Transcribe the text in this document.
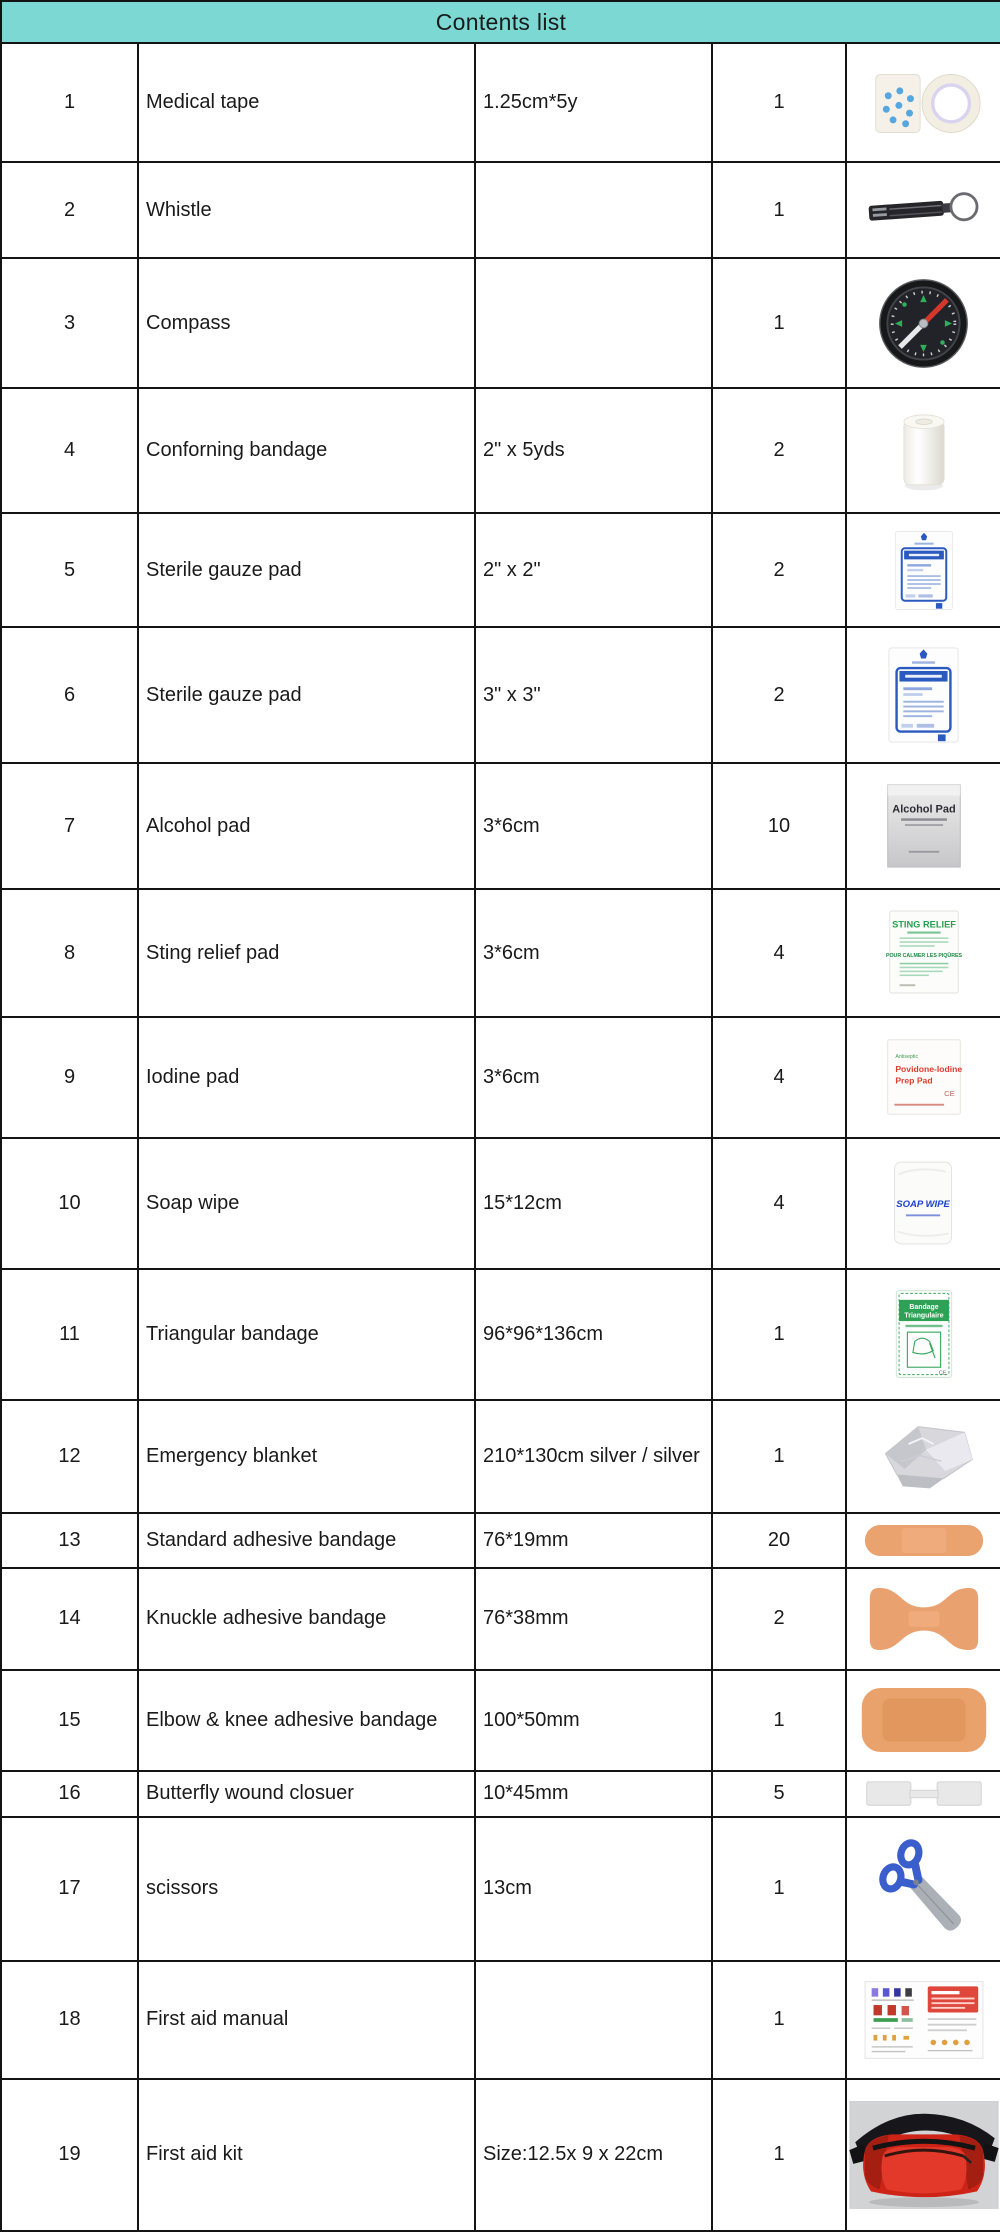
Contents list				
1	Medical tape	1.25cm*5y	1	

2	Whistle		1	

3	Compass		1	

4	Conforning bandage	2" x 5yds	2	

5	Sterile gauze pad	2" x 2"	2	

6	Sterile gauze pad	3" x 3"	2	

7	Alcohol pad	3*6cm	10	Alcohol Pad

8	Sting relief pad	3*6cm	4	STING RELIEF
POUR CALMER LES PIQÛRES

9	Iodine pad	3*6cm	4	Antiseptic
Povidone-Iodine
Prep Pad
CE

10	Soap wipe	15*12cm	4	SOAP WIPE

11	Triangular bandage	96*96*136cm	1	Bandage
Triangulaire
CE

12	Emergency blanket	210*130cm silver / silver	1	

13	Standard adhesive bandage	76*19mm	20	

14	Knuckle adhesive bandage	76*38mm	2	

15	Elbow & knee adhesive bandage	100*50mm	1	

16	Butterfly wound closuer	10*45mm	5	

17	scissors	13cm	1	

18	First aid manual		1	

19	First aid kit	Size:12.5x 9 x 22cm	1	
